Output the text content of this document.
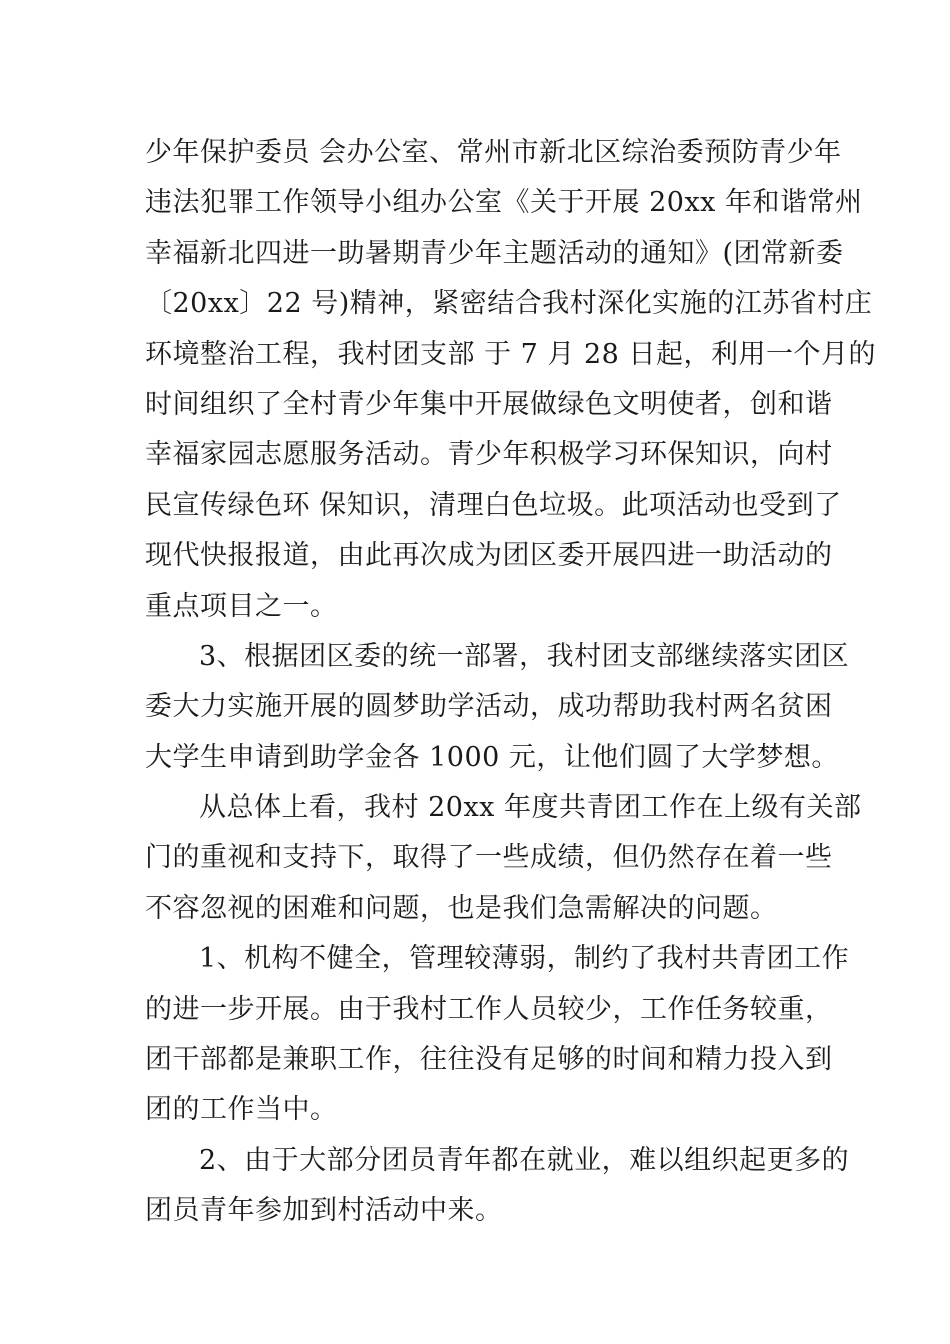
少年保护委员 会办公室、常州市新北区综治委预防青少年
违法犯罪工作领导小组办公室《关于开展 20xx 年和谐常州
幸福新北四进一助暑期青少年主题活动的通知》(团常新委
〔20xx〕22 号)精神，紧密结合我村深化实施的江苏省村庄
环境整治工程，我村团支部 于 7 月 28 日起，利用一个月的
时间组织了全村青少年集中开展做绿色文明使者，创和谐
幸福家园志愿服务活动。青少年积极学习环保知识，向村
民宣传绿色环 保知识，清理白色垃圾。此项活动也受到了
现代快报报道，由此再次成为团区委开展四进一助活动的
重点项目之一。
3、根据团区委的统一部署，我村团支部继续落实团区
委大力实施开展的圆梦助学活动，成功帮助我村两名贫困
大学生申请到助学金各 1000 元，让他们圆了大学梦想。
从总体上看，我村 20xx 年度共青团工作在上级有关部
门的重视和支持下，取得了一些成绩，但仍然存在着一些
不容忽视的困难和问题，也是我们急需解决的问题。
1、机构不健全，管理较薄弱，制约了我村共青团工作
的进一步开展。由于我村工作人员较少，工作任务较重，
团干部都是兼职工作，往往没有足够的时间和精力投入到
团的工作当中。
2、由于大部分团员青年都在就业，难以组织起更多的
团员青年参加到村活动中来。
